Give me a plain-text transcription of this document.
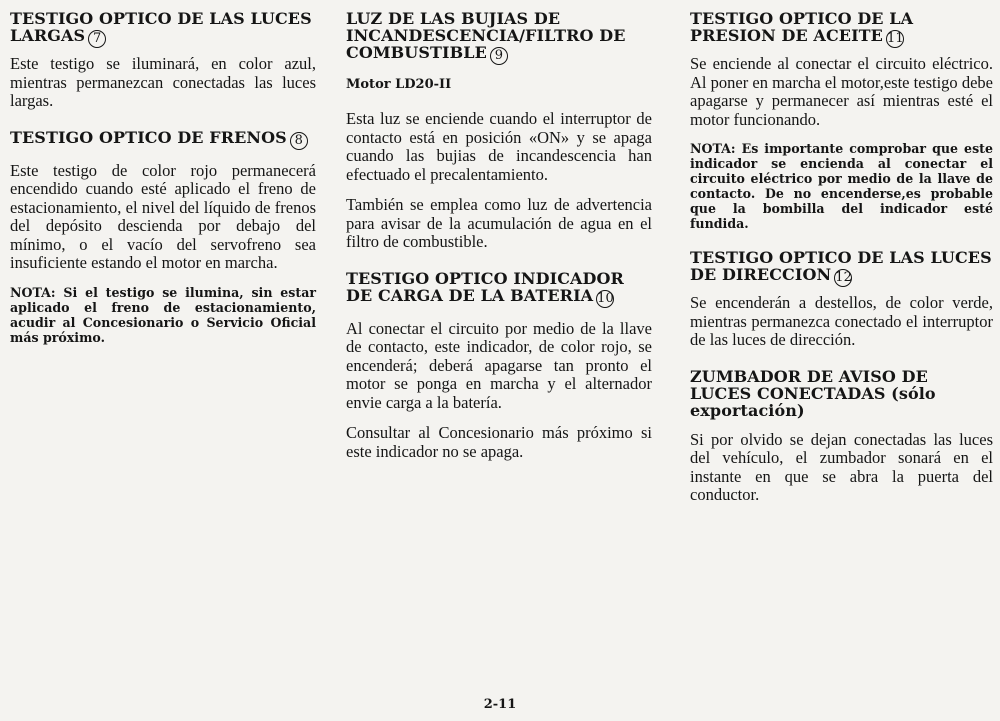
TESTIGO OPTICO DE LAS LUCES LARGAS 7

Este testigo se iluminará, en color azul, mientras permanezcan conectadas las luces largas.

TESTIGO OPTICO DE FRENOS 8

Este testigo de color rojo permanecerá encendido cuando esté aplicado el freno de estacionamiento, el nivel del líquido de frenos del depósito descienda por debajo del mínimo, o el vacío del servofreno sea insuficiente estando el motor en marcha.

NOTA: Si el testigo se ilumina, sin estar aplicado el freno de estacionamiento, acudir al Concesionario o Servicio Oficial más próximo.

LUZ DE LAS BUJIAS DE INCANDESCENCIA/FILTRO DE COMBUSTIBLE 9

Motor LD20-II

Esta luz se enciende cuando el interruptor de contacto está en posición «ON» y se apaga cuando las bujias de incandescencia han efectuado el precalentamiento.

También se emplea como luz de advertencia para avisar de la acumulación de agua en el filtro de combustible.

TESTIGO OPTICO INDICADOR DE CARGA DE LA BATERIA 10

Al conectar el circuito por medio de la llave de contacto, este indicador, de color rojo, se encenderá; deberá apagarse tan pronto el motor se ponga en marcha y el alternador envie carga a la batería.

Consultar al Concesionario más próximo si este indicador no se apaga.

TESTIGO OPTICO DE LA PRESION DE ACEITE 11

Se enciende al conectar el circuito eléctrico. Al poner en marcha el motor,este testigo debe apagarse y permanecer así mientras esté el motor funcionando.

NOTA: Es importante comprobar que este indicador se encienda al conectar el circuito eléctrico por medio de la llave de contacto. De no encenderse,es probable que la bombilla del indicador esté fundida.

TESTIGO OPTICO DE LAS LUCES DE DIRECCION 12

Se encenderán a destellos, de color verde, mientras permanezca conectado el interruptor de las luces de dirección.

ZUMBADOR DE AVISO DE LUCES CONECTADAS (sólo exportación)

Si por olvido se dejan conectadas las luces del vehículo, el zumbador sonará en el instante en que se abra la puerta del conductor.

2-11
